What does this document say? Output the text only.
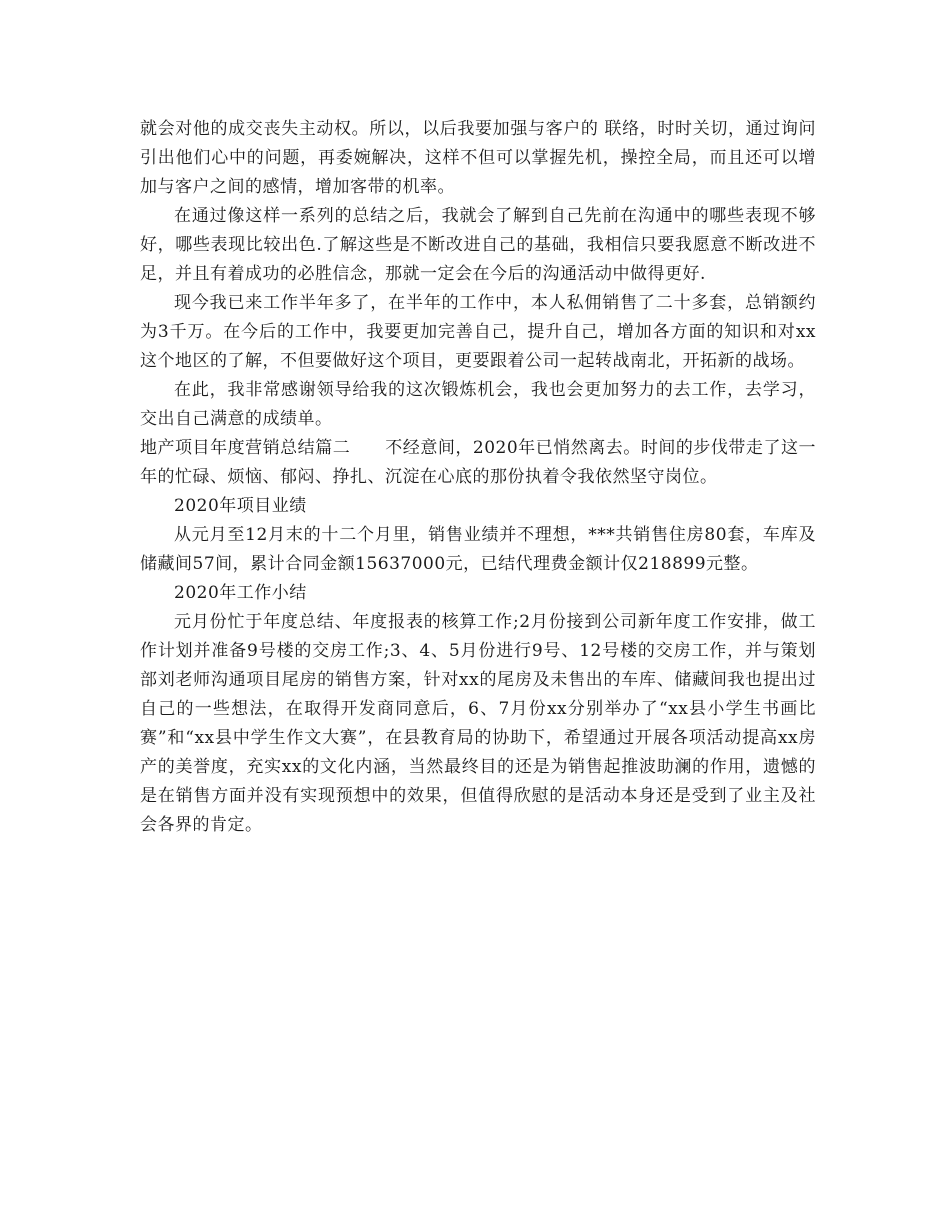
就会对他的成交丧失主动权。所以，以后我要加强与客户的 联络，时时关切，通过询问引出他们心中的问题，再委婉解决，这样不但可以掌握先机，操控全局，而且还可以增加与客户之间的感情，增加客带的机率。

在通过像这样一系列的总结之后，我就会了解到自己先前在沟通中的哪些表现不够好，哪些表现比较出色.了解这些是不断改进自己的基础，我相信只要我愿意不断改进不足，并且有着成功的必胜信念，那就一定会在今后的沟通活动中做得更好.

现今我已来工作半年多了，在半年的工作中，本人私佣销售了二十多套，总销额约为3千万。在今后的工作中，我要更加完善自己，提升自己，增加各方面的知识和对xx这个地区的了解，不但要做好这个项目，更要跟着公司一起转战南北，开拓新的战场。

在此，我非常感谢领导给我的这次锻炼机会，我也会更加努力的去工作，去学习，交出自己满意的成绩单。

地产项目年度营销总结篇二　　不经意间，2020年已悄然离去。时间的步伐带走了这一年的忙碌、烦恼、郁闷、挣扎、沉淀在心底的那份执着令我依然坚守岗位。

2020年项目业绩

从元月至12月末的十二个月里，销售业绩并不理想，***共销售住房80套，车库及储藏间57间，累计合同金额15637000元，已结代理费金额计仅218899元整。

2020年工作小结

元月份忙于年度总结、年度报表的核算工作;2月份接到公司新年度工作安排，做工作计划并准备9号楼的交房工作;3、4、5月份进行9号、12号楼的交房工作，并与策划部刘老师沟通项目尾房的销售方案，针对xx的尾房及未售出的车库、储藏间我也提出过自己的一些想法，在取得开发商同意后，6、7月份xx分别举办了“xx县小学生书画比赛”和“xx县中学生作文大赛”，在县教育局的协助下，希望通过开展各项活动提高xx房产的美誉度，充实xx的文化内涵，当然最终目的还是为销售起推波助澜的作用，遗憾的是在销售方面并没有实现预想中的效果，但值得欣慰的是活动本身还是受到了业主及社会各界的肯定。
